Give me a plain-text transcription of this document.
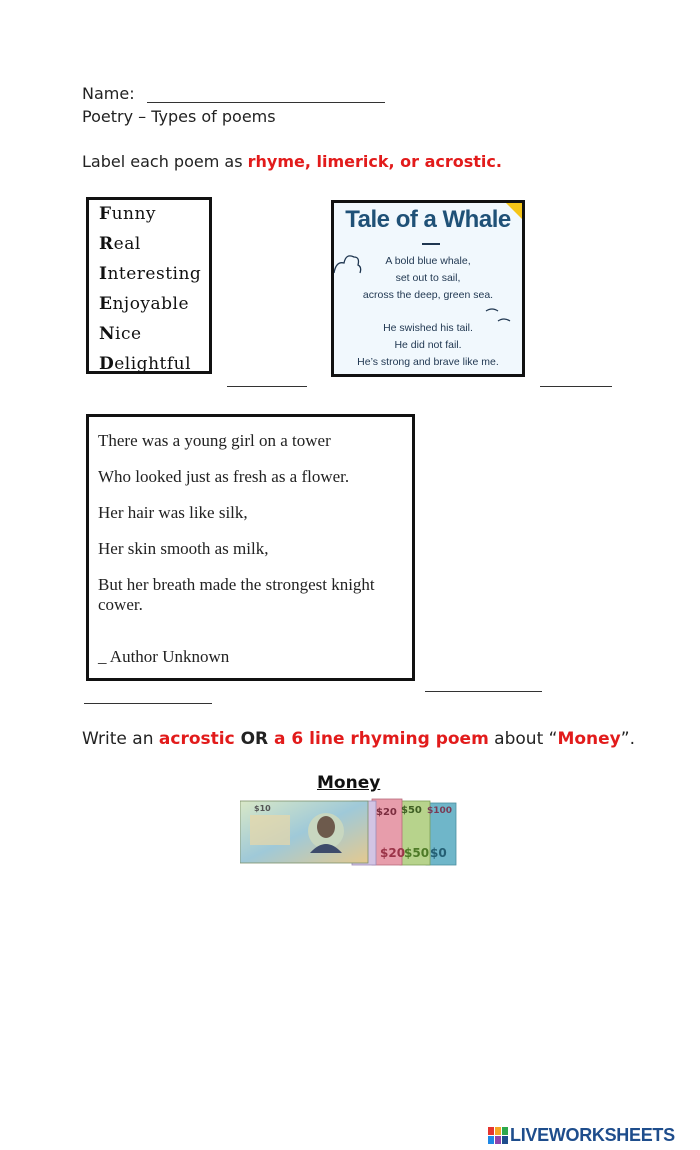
Name:
Poetry – Types of poems
Label each poem as rhyme, limerick, or acrostic.
Funny
Real
Interesting
Enjoyable
Nice
Delightful
Tale of a Whale
A bold blue whale,
set out to sail,
across the deep, green sea.
He swished his tail.
He did not fail.
He’s strong and brave like me.
There was a young girl on a tower
Who looked just as fresh as a flower.
Her hair was like silk,
Her skin smooth as milk,
But her breath made the strongest knight cower.
_ Author Unknown
Write an acrostic OR a 6 line rhyming poem about “Money”.
Money
$20 $50 $100
$20
$50 $0
$10
LIVEWORKSHEETS
